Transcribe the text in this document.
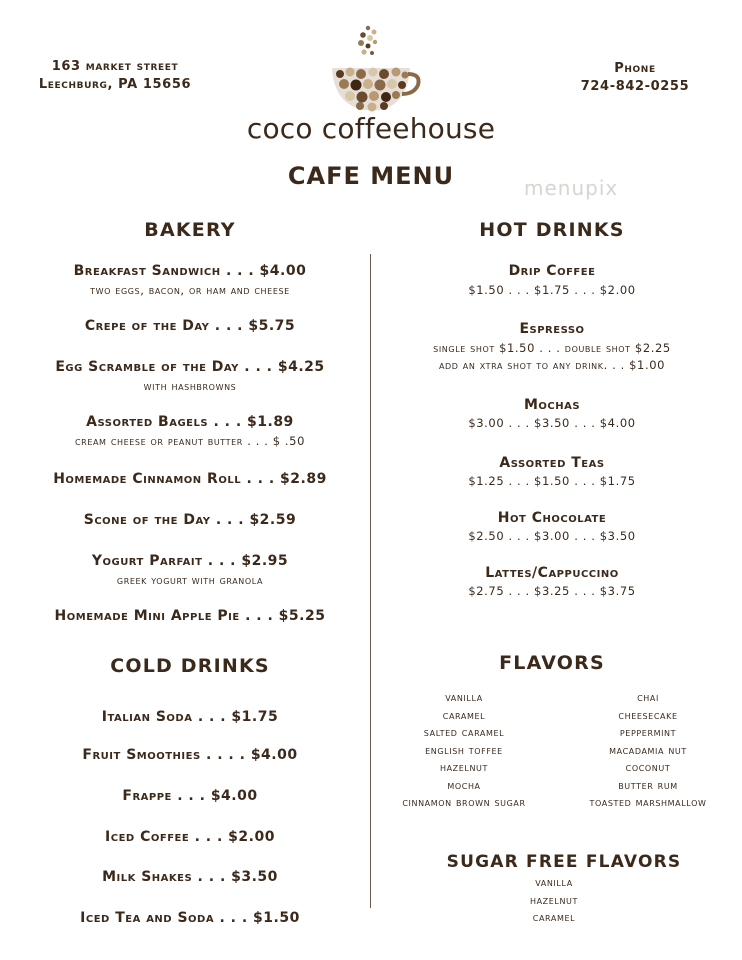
163 market street
Leechburg, PA 15656
Phone
724-842-0255
coco coffeehouse
CAFE MENU	menupix
BAKERY
Breakfast Sandwich . . . $4.00
two eggs, bacon, or ham and cheese
Crepe of the Day . . . $5.75
Egg Scramble of the Day . . . $4.25
with hashbrowns
Assorted Bagels . . . $1.89
cream cheese or peanut butter . . . $ .50
Homemade Cinnamon Roll . . . $2.89
Scone of the Day . . . $2.59
Yogurt Parfait . . . $2.95
greek yogurt with granola
Homemade Mini Apple Pie . . . $5.25
COLD DRINKS
Italian Soda . . . $1.75
Fruit Smoothies . . . . $4.00
Frappe . . . $4.00
Iced Coffee . . . $2.00
Milk Shakes . . . $3.50
Iced Tea and Soda . . . $1.50
HOT DRINKS
Drip Coffee
$1.50 . . . $1.75 . . . $2.00
Espresso
single shot $1.50 . . . double shot $2.25
add an xtra shot to any drink. . . $1.00
Mochas
$3.00 . . . $3.50 . . . $4.00
Assorted Teas
$1.25 . . . $1.50 . . . $1.75
Hot Chocolate
$2.50 . . . $3.00 . . . $3.50
Lattes/Cappuccino
$2.75 . . . $3.25 . . . $3.75
FLAVORS
vanilla
caramel
salted caramel
english toffee
hazelnut
mocha
cinnamon brown sugar
chai
cheesecake
peppermint
macadamia nut
coconut
butter rum
toasted marshmallow
SUGAR FREE FLAVORS
vanilla
hazelnut
caramel
